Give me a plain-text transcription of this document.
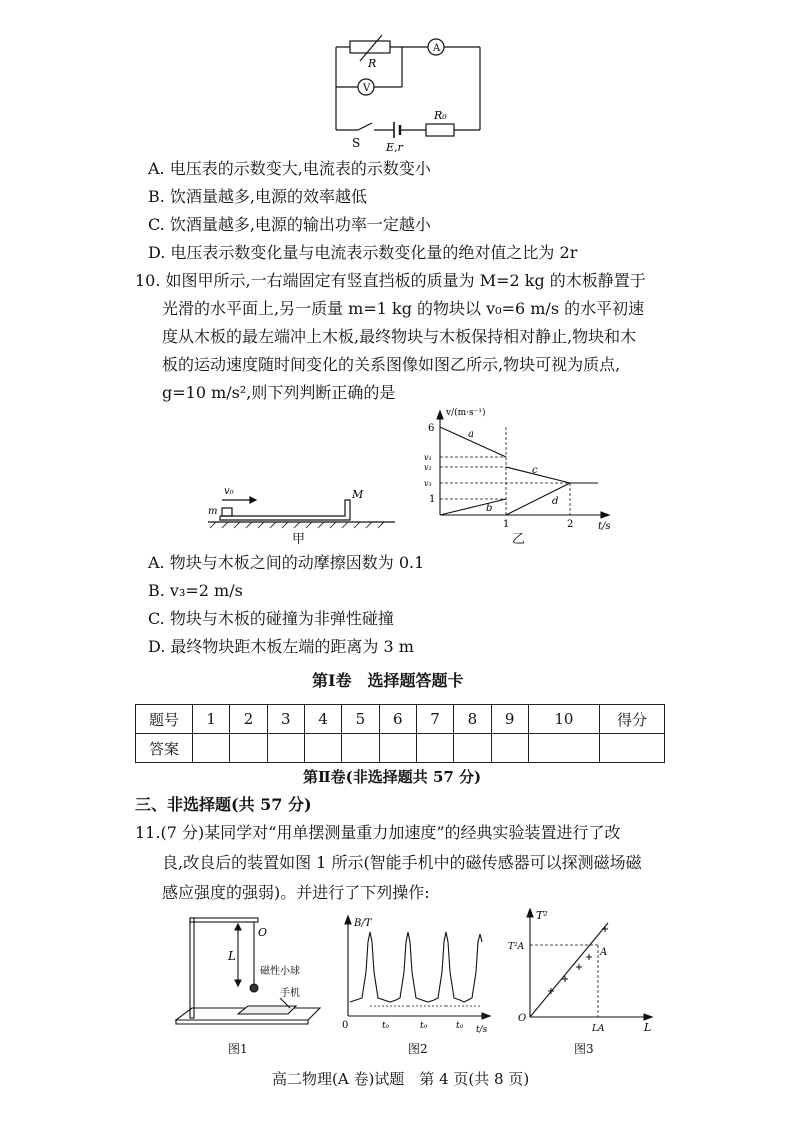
A
V
R
S E,r
R₀
A. 电压表的示数变大,电流表的示数变小
B. 饮酒量越多,电源的效率越低
C. 饮酒量越多,电源的输出功率一定越小
D. 电压表示数变化量与电流表示数变化量的绝对值之比为 2r
10. 如图甲所示,一右端固定有竖直挡板的质量为 M=2 kg 的木板静置于
光滑的水平面上,另一质量 m=1 kg 的物块以 v₀=6 m/s 的水平初速
度从木板的最左端冲上木板,最终物块与木板保持相对静止,物块和木
板的运动速度随时间变化的关系图像如图乙所示,物块可视为质点,
g=10 m/s²,则下列判断正确的是
v₀
m
M
甲
v/(m·s⁻¹)
6
v₁
v₂
v₃
1
1	2 t/s
a
b
c
d
乙
A. 物块与木板之间的动摩擦因数为 0.1
B. v₃=2 m/s
C. 物块与木板的碰撞为非弹性碰撞
D. 最终物块距木板左端的距离为 3 m
第Ⅰ卷　选择题答题卡
题号	1	2	3	4	5	6	7	8	9	10	得分
答案											
第Ⅱ卷(非选择题共 57 分)
三、非选择题(共 57 分)
11.(7 分)某同学对“用单摆测量重力加速度”的经典实验装置进行了改
良,改良后的装置如图 1 所示(智能手机中的磁传感器可以探测磁场磁
感应强度的强弱)。并进行了下列操作:
O
L
磁性小球
手机
图1
B/T
0	t₀	t₀	t₀ t/s
图2
T²
T²A	A
O
LA	L
图3
高二物理(A 卷)试题　第 4 页(共 8 页)
